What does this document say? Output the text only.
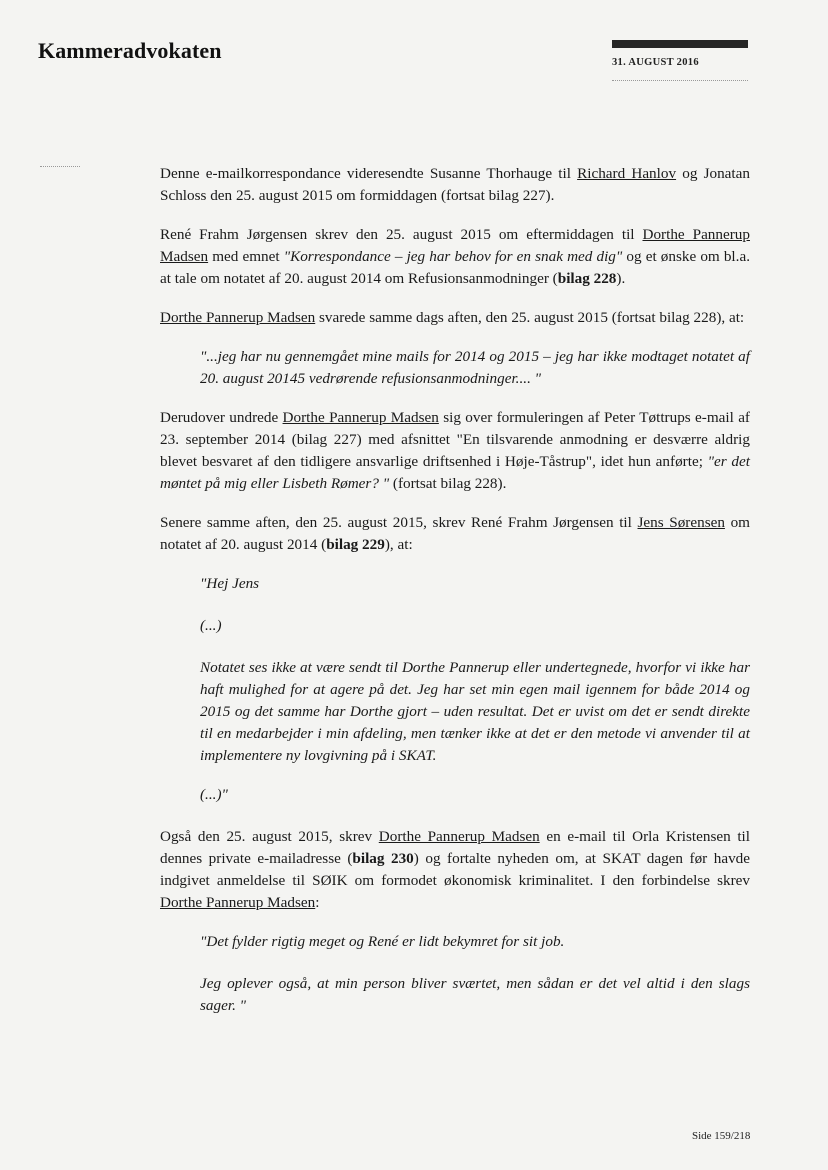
Kammeradvokaten	31. AUGUST 2016

Denne e-mailkorrespondance videresendte Susanne Thorhauge til Richard Hanlov og Jonatan Schloss den 25. august 2015 om formiddagen (fortsat bilag 227).

René Frahm Jørgensen skrev den 25. august 2015 om eftermiddagen til Dorthe Pannerup Madsen med emnet "Korrespondance – jeg har behov for en snak med dig" og et ønske om bl.a. at tale om notatet af 20. august 2014 om Refusionsanmodninger (bilag 228).

Dorthe Pannerup Madsen svarede samme dags aften, den 25. august 2015 (fortsat bilag 228), at:

"...jeg har nu gennemgået mine mails for 2014 og 2015 – jeg har ikke modtaget notatet af 20. august 20145 vedrørende refusionsanmodninger.... "

Derudover undrede Dorthe Pannerup Madsen sig over formuleringen af Peter Tøttrups e-mail af 23. september 2014 (bilag 227) med afsnittet "En tilsvarende anmodning er desværre aldrig blevet besvaret af den tidligere ansvarlige driftsenhed i Høje-Tåstrup", idet hun anførte; "er det møntet på mig eller Lisbeth Rømer? " (fortsat bilag 228).

Senere samme aften, den 25. august 2015, skrev René Frahm Jørgensen til Jens Sørensen om notatet af 20. august 2014 (bilag 229), at:

"Hej Jens

(...)

Notatet ses ikke at være sendt til Dorthe Pannerup eller undertegnede, hvorfor vi ikke har haft mulighed for at agere på det. Jeg har set min egen mail igennem for både 2014 og 2015 og det samme har Dorthe gjort – uden resultat. Det er uvist om det er sendt direkte til en medarbejder i min afdeling, men tænker ikke at det er den metode vi anvender til at implementere ny lovgivning på i SKAT.

(...)"

Også den 25. august 2015, skrev Dorthe Pannerup Madsen en e-mail til Orla Kristensen til dennes private e-mailadresse (bilag 230) og fortalte nyheden om, at SKAT dagen før havde indgivet anmeldelse til SØIK om formodet økonomisk kriminalitet. I den forbindelse skrev Dorthe Pannerup Madsen:

"Det fylder rigtig meget og René er lidt bekymret for sit job.

Jeg oplever også, at min person bliver sværtet, men sådan er det vel altid i den slags sager. "

Side 159/218
